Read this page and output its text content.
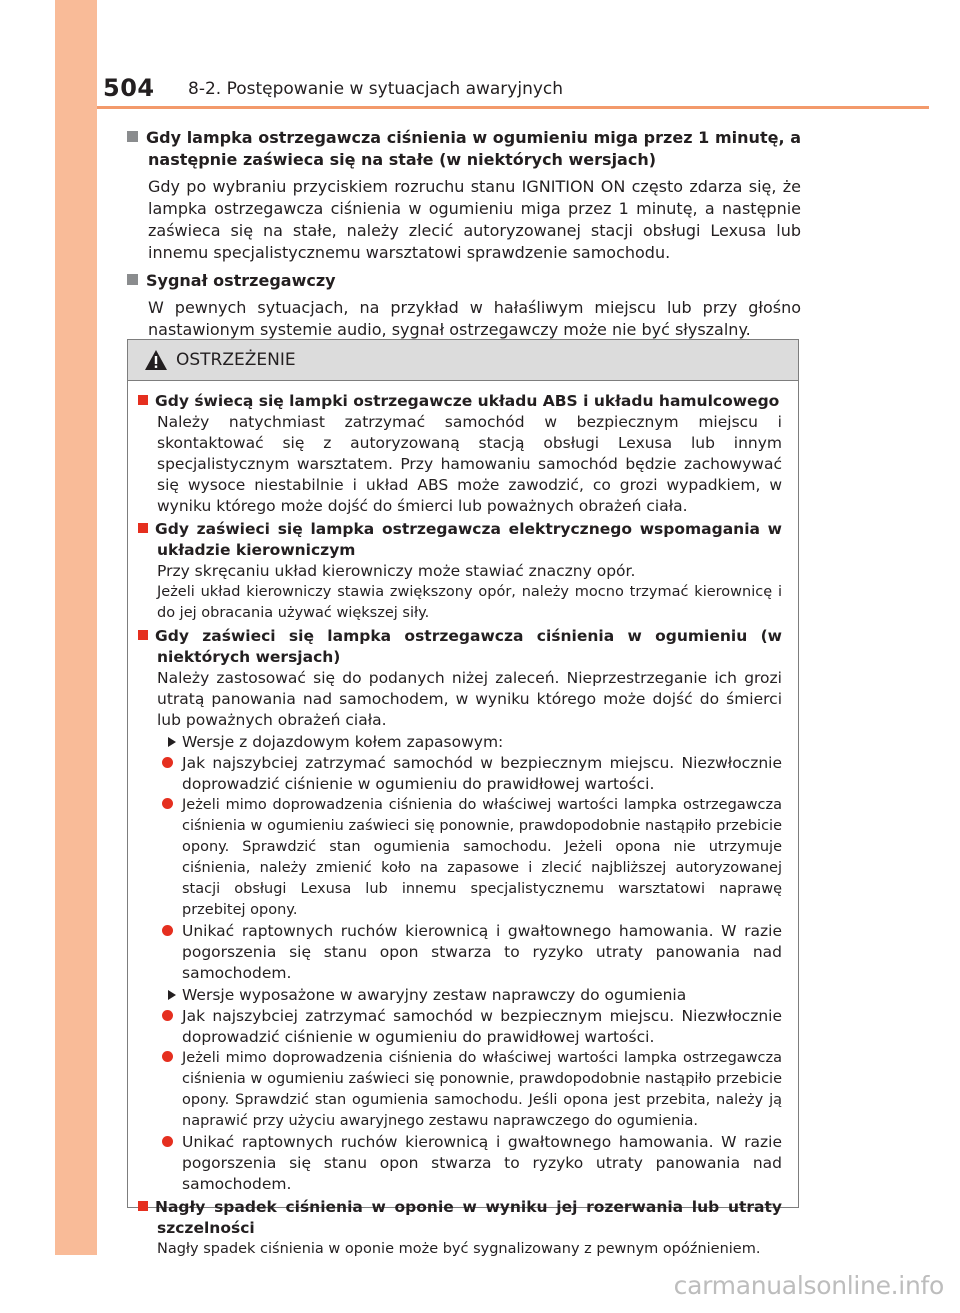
504 8-2. Postępowanie w sytuacjach awaryjnych
Gdy lampka ostrzegawcza ciśnienia w ogumieniu miga przez 1 minutę, a następnie zaświeca się na stałe (w niektórych wersjach)
Gdy po wybraniu przyciskiem rozruchu stanu IGNITION ON często zdarza się, że lampka ostrzegawcza ciśnienia w ogumieniu miga przez 1 minutę, a następnie zaświeca się na stałe, należy zlecić autoryzowanej stacji obsługi Lexusa lub innemu specjalistycznemu warsztatowi sprawdzenie samochodu.
Sygnał ostrzegawczy
W pewnych sytuacjach, na przykład w hałaśliwym miejscu lub przy głośno nastawionym systemie audio, sygnał ostrzegawczy może nie być słyszalny.
OSTRZEŻENIE
Gdy świecą się lampki ostrzegawcze układu ABS i układu hamulcowego
Należy natychmiast zatrzymać samochód w bezpiecznym miejscu i skontaktować się z autoryzowaną stacją obsługi Lexusa lub innym specjalistycznym warsztatem. Przy hamowaniu samochód będzie zachowywać się wysoce niestabilnie i układ ABS może zawodzić, co grozi wypadkiem, w wyniku którego może dojść do śmierci lub poważnych obrażeń ciała.
Gdy zaświeci się lampka ostrzegawcza elektrycznego wspomagania w układzie kierowniczym
Przy skręcaniu układ kierowniczy może stawiać znaczny opór.
Jeżeli układ kierowniczy stawia zwiększony opór, należy mocno trzymać kierownicę i do jej obracania używać większej siły.
Gdy zaświeci się lampka ostrzegawcza ciśnienia w ogumieniu (w niektórych wersjach)
Należy zastosować się do podanych niżej zaleceń. Nieprzestrzeganie ich grozi utratą panowania nad samochodem, w wyniku którego może dojść do śmierci lub poważnych obrażeń ciała.
Wersje z dojazdowym kołem zapasowym:
Jak najszybciej zatrzymać samochód w bezpiecznym miejscu. Niezwłocznie doprowadzić ciśnienie w ogumieniu do prawidłowej wartości.
Jeżeli mimo doprowadzenia ciśnienia do właściwej wartości lampka ostrzegawcza ciśnienia w ogumieniu zaświeci się ponownie, prawdopodobnie nastąpiło przebicie opony. Sprawdzić stan ogumienia samochodu. Jeżeli opona nie utrzymuje ciśnienia, należy zmienić koło na zapasowe i zlecić najbliższej autoryzowanej stacji obsługi Lexusa lub innemu specjalistycznemu warsztatowi naprawę przebitej opony.
Unikać raptownych ruchów kierownicą i gwałtownego hamowania. W razie pogorszenia się stanu opon stwarza to ryzyko utraty panowania nad samochodem.
Wersje wyposażone w awaryjny zestaw naprawczy do ogumienia
Jak najszybciej zatrzymać samochód w bezpiecznym miejscu. Niezwłocznie doprowadzić ciśnienie w ogumieniu do prawidłowej wartości.
Jeżeli mimo doprowadzenia ciśnienia do właściwej wartości lampka ostrzegawcza ciśnienia w ogumieniu zaświeci się ponownie, prawdopodobnie nastąpiło przebicie opony. Sprawdzić stan ogumienia samochodu. Jeśli opona jest przebita, należy ją naprawić przy użyciu awaryjnego zestawu naprawczego do ogumienia.
Unikać raptownych ruchów kierownicą i gwałtownego hamowania. W razie pogorszenia się stanu opon stwarza to ryzyko utraty panowania nad samochodem.
Nagły spadek ciśnienia w oponie w wyniku jej rozerwania lub utraty szczelności
Nagły spadek ciśnienia w oponie może być sygnalizowany z pewnym opóźnieniem.
carmanualsonline.info
